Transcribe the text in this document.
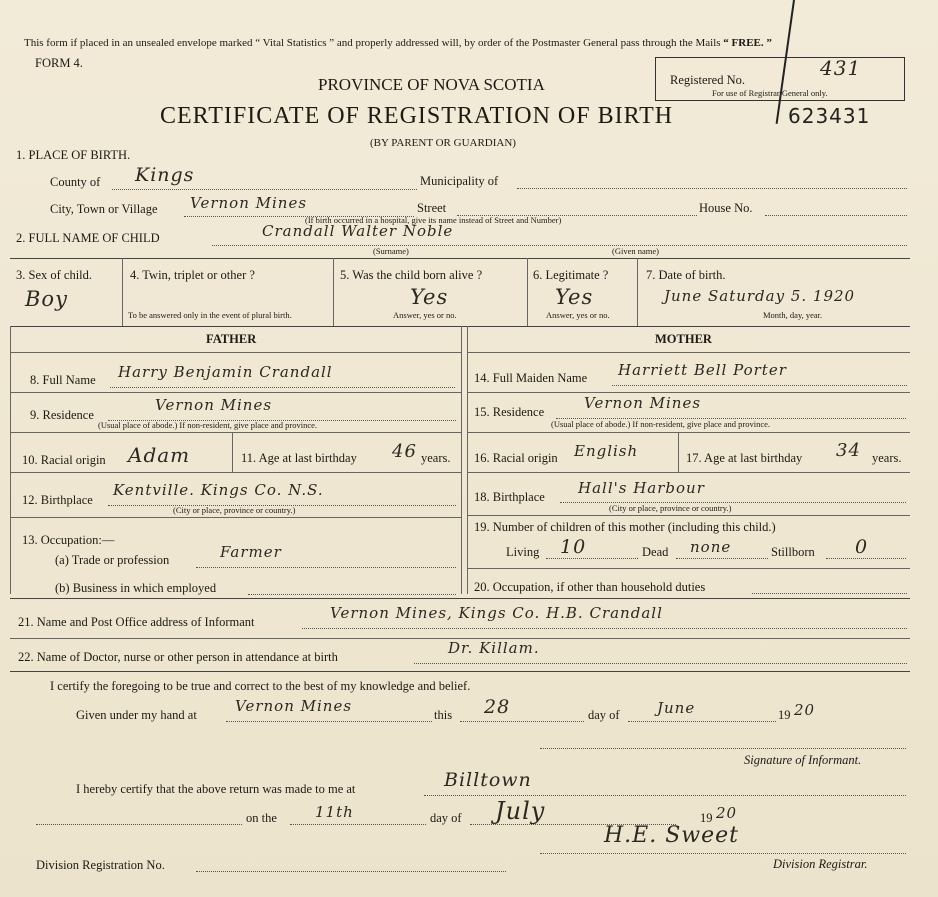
This form if placed in an unsealed envelope marked “ Vital Statistics ” and properly addressed will, by order of the Postmaster General pass through the Mails “ FREE. ”
FORM 4.
PROVINCE OF NOVA SCOTIA
CERTIFICATE OF REGISTRATION OF BIRTH
(BY PARENT OR GUARDIAN)
Registered No.	431
For use of Registrar General only.
623431
1. PLACE OF BIRTH.
County of Kings	Municipality of
City, Town or Village Vernon Mines	Street	House No.
(If birth occurred in a hospital, give its name instead of Street and Number)
2. FULL NAME OF CHILD	Crandall Walter Noble
(Surname)	(Given name)
3. Sex of child.
Boy
4. Twin, triplet or other ?
To be answered only in the event of plural birth.
5. Was the child born alive ?
Yes
Answer, yes or no.
6. Legitimate ?
Yes
Answer, yes or no.
7. Date of birth.
June Saturday 5. 1920
Month, day, year.
FATHER	MOTHER
8. Full Name Harry Benjamin Crandall
9. Residence
Vernon Mines
(Usual place of abode.) If non-resident, give place and province.
10. Racial origin Adam	11. Age at last birthday 46 years.
12. Birthplace
Kentville. Kings Co. N.S.
(City or place, province or country.)
13. Occupation:—
(a) Trade or profession	Farmer
(b) Business in which employed
14. Full Maiden Name Harriett Bell Porter
15. Residence	Vernon Mines
(Usual place of abode.) If non-resident, give place and province.
16. Racial origin English	17. Age at last birthday 34 years.
18. Birthplace Hall's Harbour
(City or place, province or country.)
19. Number of children of this mother (including this child.)
Living 10	Dead none	Stillborn 0
20. Occupation, if other than household duties
21. Name and Post Office address of Informant	Vernon Mines, Kings Co. H.B. Crandall
22. Name of Doctor, nurse or other person in attendance at birth	Dr. Killam.
I certify the foregoing to be true and correct to the best of my knowledge and belief.
Given under my hand at	Vernon Mines	this 28	day of June	19 20
Signature of Informant.
I hereby certify that the above return was made to me at	Billtown
on the	11th	day of July	19 20
Division Registration No.
H.E. Sweet
Division Registrar.
